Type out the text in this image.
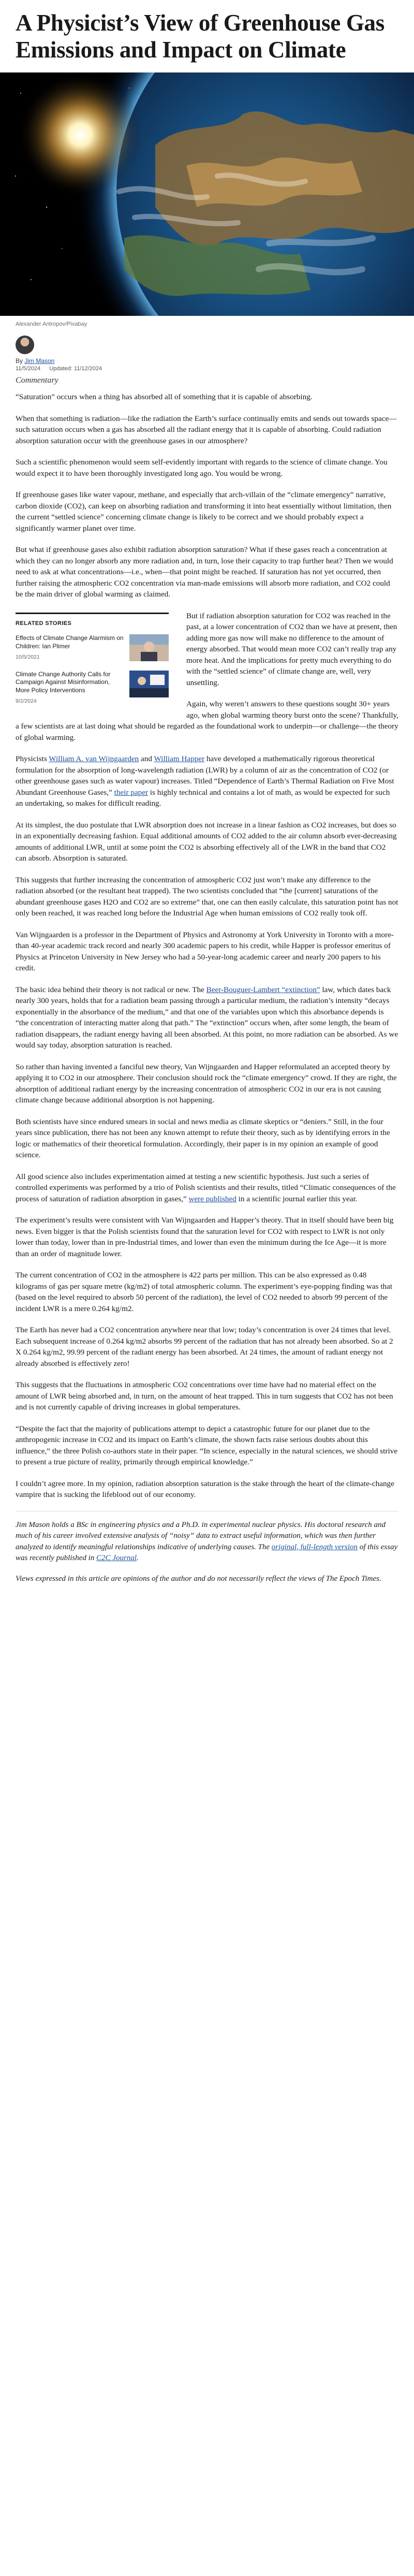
A Physicist’s View of Greenhouse Gas Emissions and Impact on Climate
Alexander Antropov/Pixabay
By Jim Mason
11/5/2024 Updated: 11/12/2024
Commentary

“Saturation” occurs when a thing has absorbed all of something that it is capable of absorbing.

When that something is radiation—like the radiation the Earth’s surface continually emits and sends out towards space—such saturation occurs when a gas has absorbed all the radiant energy that it is capable of absorbing. Could radiation absorption saturation occur with the greenhouse gases in our atmosphere?

Such a scientific phenomenon would seem self-evidently important with regards to the science of climate change. You would expect it to have been thoroughly investigated long ago. You would be wrong.

If greenhouse gases like water vapour, methane, and especially that arch-villain of the “climate emergency” narrative, carbon dioxide (CO2), can keep on absorbing radiation and transforming it into heat essentially without limitation, then the current “settled science” concerning climate change is likely to be correct and we should probably expect a significantly warmer planet over time.

But what if greenhouse gases also exhibit radiation absorption saturation? What if these gases reach a concentration at which they can no longer absorb any more radiation and, in turn, lose their capacity to trap further heat? Then we would need to ask at what concentrations—i.e., when—that point might be reached. If saturation has not yet occurred, then further raising the atmospheric CO2 concentration via man-made emissions will absorb more radiation, and CO2 could be the main driver of global warming as claimed.

RELATED STORIES
Effects of Climate Change Alarmism on Children: Ian Plimer
10/5/2021
Climate Change Authority Calls for Campaign Against Misinformation, More Policy Interventions
9/2/2024

But if radiation absorption saturation for CO2 was reached in the past, at a lower concentration of CO2 than we have at present, then adding more gas now will make no difference to the amount of energy absorbed. That would mean more CO2 can’t really trap any more heat. And the implications for pretty much everything to do with the “settled science” of climate change are, well, very unsettling.

Again, why weren’t answers to these questions sought 30+ years ago, when global warming theory burst onto the scene? Thankfully, a few scientists are at last doing what should be regarded as the foundational work to underpin—or challenge—the theory of global warming.

Physicists William A. van Wijngaarden and William Happer have developed a mathematically rigorous theoretical formulation for the absorption of long-wavelength radiation (LWR) by a column of air as the concentration of CO2 (or other greenhouse gases such as water vapour) increases. Titled “Dependence of Earth’s Thermal Radiation on Five Most Abundant Greenhouse Gases,” their paper is highly technical and contains a lot of math, as would be expected for such an undertaking, so makes for difficult reading.

At its simplest, the duo postulate that LWR absorption does not increase in a linear fashion as CO2 increases, but does so in an exponentially decreasing fashion. Equal additional amounts of CO2 added to the air column absorb ever-decreasing amounts of additional LWR, until at some point the CO2 is absorbing effectively all of the LWR in the band that CO2 can absorb. Absorption is saturated.

This suggests that further increasing the concentration of atmospheric CO2 just won’t make any difference to the radiation absorbed (or the resultant heat trapped). The two scientists concluded that “the [current] saturations of the abundant greenhouse gases H2O and CO2 are so extreme” that, one can then easily calculate, this saturation point has not only been reached, it was reached long before the Industrial Age when human emissions of CO2 really took off.

Van Wijngaarden is a professor in the Department of Physics and Astronomy at York University in Toronto with a more-than 40-year academic track record and nearly 300 academic papers to his credit, while Happer is professor emeritus of Physics at Princeton University in New Jersey who had a 50-year-long academic career and nearly 200 papers to his credit.

The basic idea behind their theory is not radical or new. The Beer-Bouguer-Lambert “extinction” law, which dates back nearly 300 years, holds that for a radiation beam passing through a particular medium, the radiation’s intensity “decays exponentially in the absorbance of the medium,” and that one of the variables upon which this absorbance depends is “the concentration of interacting matter along that path.” The “extinction” occurs when, after some length, the beam of radiation disappears, the radiant energy having all been absorbed. At this point, no more radiation can be absorbed. As we would say today, absorption saturation is reached.

So rather than having invented a fanciful new theory, Van Wijngaarden and Happer reformulated an accepted theory by applying it to CO2 in our atmosphere. Their conclusion should rock the “climate emergency” crowd. If they are right, the absorption of additional radiant energy by the increasing concentration of atmospheric CO2 in our era is not causing climate change because additional absorption is not happening.

Both scientists have since endured smears in social and news media as climate skeptics or “deniers.” Still, in the four years since publication, there has not been any known attempt to refute their theory, such as by identifying errors in the logic or mathematics of their theoretical formulation. Accordingly, their paper is in my opinion an example of good science.

All good science also includes experimentation aimed at testing a new scientific hypothesis. Just such a series of controlled experiments was performed by a trio of Polish scientists and their results, titled “Climatic consequences of the process of saturation of radiation absorption in gases,” were published in a scientific journal earlier this year.

The experiment’s results were consistent with Van Wijngaarden and Happer’s theory. That in itself should have been big news. Even bigger is that the Polish scientists found that the saturation level for CO2 with respect to LWR is not only lower than today, lower than in pre-Industrial times, and lower than even the minimum during the Ice Age—it is more than an order of magnitude lower.

The current concentration of CO2 in the atmosphere is 422 parts per million. This can be also expressed as 0.48 kilograms of gas per square metre (kg/m2) of total atmospheric column. The experiment’s eye-popping finding was that (based on the level required to absorb 50 percent of the radiation), the level of CO2 needed to absorb 99 percent of the incident LWR is a mere 0.264 kg/m2.

The Earth has never had a CO2 concentration anywhere near that low; today’s concentration is over 24 times that level. Each subsequent increase of 0.264 kg/m2 absorbs 99 percent of the radiation that has not already been absorbed. So at 2 X 0.264 kg/m2, 99.99 percent of the radiant energy has been absorbed. At 24 times, the amount of radiant energy not already absorbed is effectively zero!

This suggests that the fluctuations in atmospheric CO2 concentrations over time have had no material effect on the amount of LWR being absorbed and, in turn, on the amount of heat trapped. This in turn suggests that CO2 has not been and is not currently capable of driving increases in global temperatures.

“Despite the fact that the majority of publications attempt to depict a catastrophic future for our planet due to the anthropogenic increase in CO2 and its impact on Earth’s climate, the shown facts raise serious doubts about this influence,” the three Polish co-authors state in their paper. “In science, especially in the natural sciences, we should strive to present a true picture of reality, primarily through empirical knowledge.”

I couldn’t agree more. In my opinion, radiation absorption saturation is the stake through the heart of the climate-change vampire that is sucking the lifeblood out of our economy.

Jim Mason holds a BSc in engineering physics and a Ph.D. in experimental nuclear physics. His doctoral research and much of his career involved extensive analysis of “noisy” data to extract useful information, which was then further analyzed to identify meaningful relationships indicative of underlying causes. The original, full-length version of this essay was recently published in C2C Journal.

Views expressed in this article are opinions of the author and do not necessarily reflect the views of The Epoch Times.
